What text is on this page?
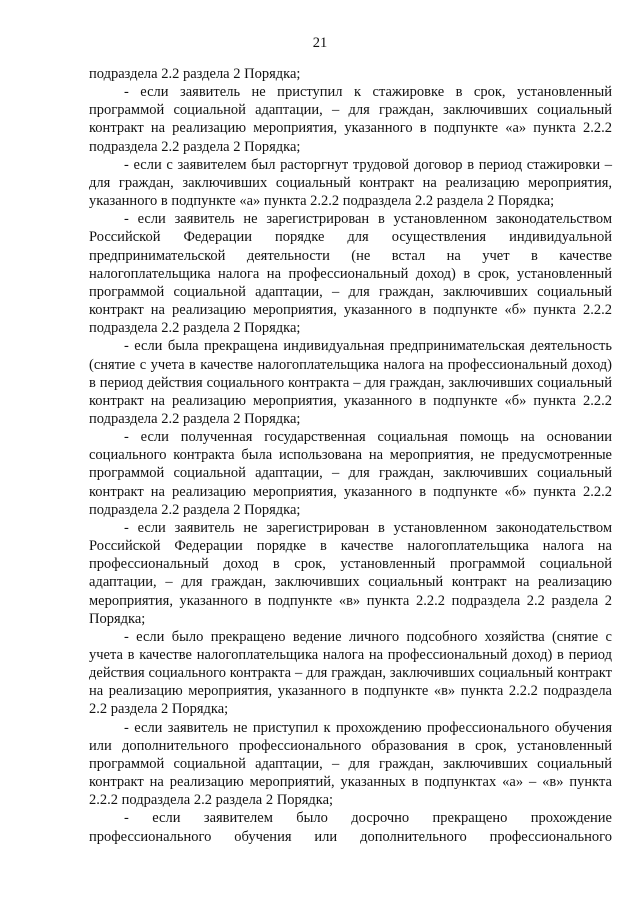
21

подраздела 2.2 раздела 2 Порядка;

- если заявитель не приступил к стажировке в срок, установленный программой социальной адаптации, – для граждан, заключивших социальный контракт на реализацию мероприятия, указанного в подпункте «а» пункта 2.2.2 подраздела 2.2 раздела 2 Порядка;

- если с заявителем был расторгнут трудовой договор в период стажировки – для граждан, заключивших социальный контракт на реализацию мероприятия, указанного в подпункте «а» пункта 2.2.2 подраздела 2.2 раздела 2 Порядка;

- если заявитель не зарегистрирован в установленном законодательством Российской Федерации порядке для осуществления индивидуальной предпринимательской деятельности (не встал на учет в качестве налогоплательщика налога на профессиональный доход) в срок, установленный программой социальной адаптации, – для граждан, заключивших социальный контракт на реализацию мероприятия, указанного в подпункте «б» пункта 2.2.2 подраздела 2.2 раздела 2 Порядка;

- если была прекращена индивидуальная предпринимательская деятельность (снятие с учета в качестве налогоплательщика налога на профессиональный доход) в период действия социального контракта – для граждан, заключивших социальный контракт на реализацию мероприятия, указанного в подпункте «б» пункта 2.2.2 подраздела 2.2 раздела 2 Порядка;

- если полученная государственная социальная помощь на основании социального контракта была использована на мероприятия, не предусмотренные программой социальной адаптации, – для граждан, заключивших социальный контракт на реализацию мероприятия, указанного в подпункте «б» пункта 2.2.2 подраздела 2.2 раздела 2 Порядка;

- если заявитель не зарегистрирован в установленном законодательством Российской Федерации порядке в качестве налогоплательщика налога на профессиональный доход в срок, установленный программой социальной адаптации, – для граждан, заключивших социальный контракт на реализацию мероприятия, указанного в подпункте «в» пункта 2.2.2 подраздела 2.2 раздела 2 Порядка;

- если было прекращено ведение личного подсобного хозяйства (снятие с учета в качестве налогоплательщика налога на профессиональный доход) в период действия социального контракта – для граждан, заключивших социальный контракт на реализацию мероприятия, указанного в подпункте «в» пункта 2.2.2 подраздела 2.2 раздела 2 Порядка;

- если заявитель не приступил к прохождению профессионального обучения или дополнительного профессионального образования в срок, установленный программой социальной адаптации, – для граждан, заключивших социальный контракт на реализацию мероприятий, указанных в подпунктах «а» – «в» пункта 2.2.2 подраздела 2.2 раздела 2 Порядка;

- если заявителем было досрочно прекращено прохождение профессионального обучения или дополнительного профессионального
